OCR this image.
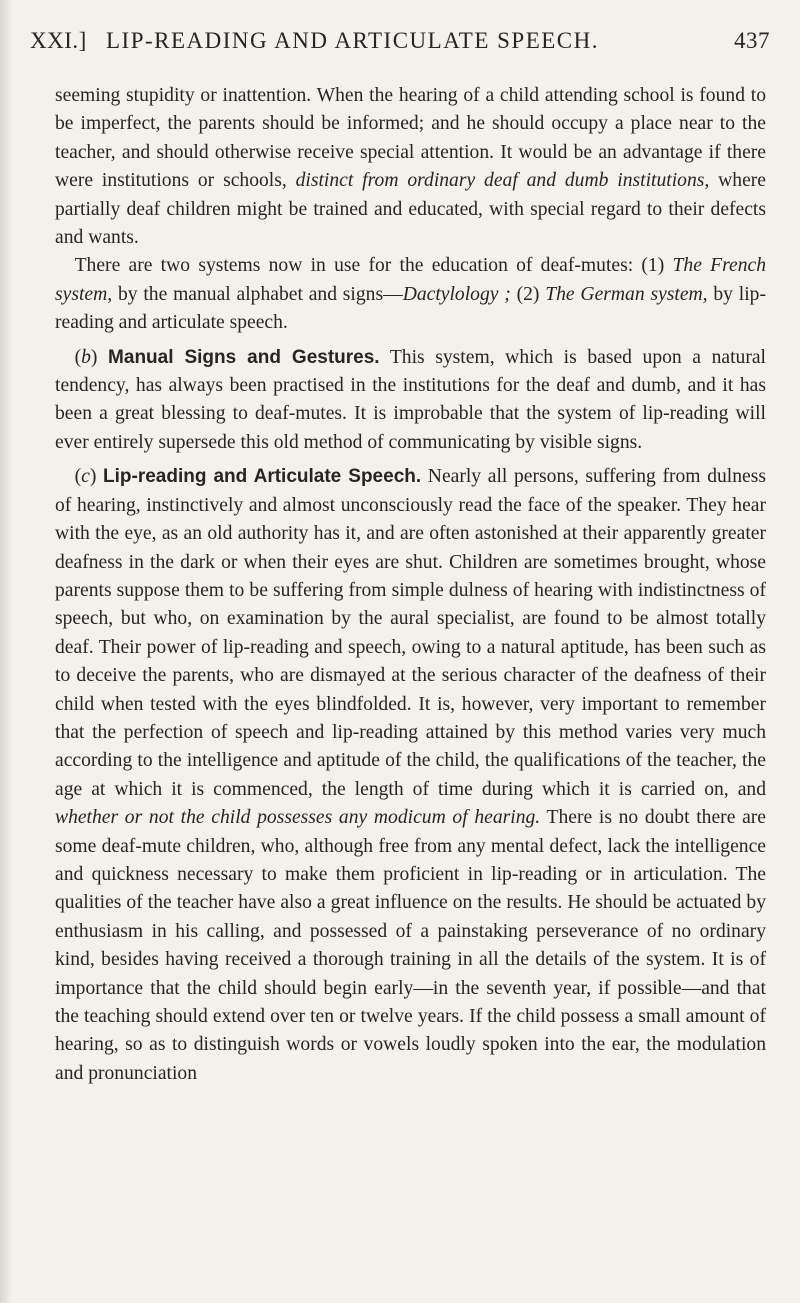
XXI.] LIP-READING AND ARTICULATE SPEECH.	437

seeming stupidity or inattention. When the hearing of a child attending school is found to be imperfect, the parents should be informed; and he should occupy a place near to the teacher, and should otherwise receive special attention. It would be an advantage if there were institutions or schools, distinct from ordinary deaf and dumb institutions, where partially deaf children might be trained and educated, with special regard to their defects and wants.

 There are two systems now in use for the education of deaf-mutes: (1) The French system, by the manual alphabet and signs—Dactylology ; (2) The German system, by lip-reading and articulate speech.

 (b) Manual Signs and Gestures. This system, which is based upon a natural tendency, has always been practised in the institutions for the deaf and dumb, and it has been a great blessing to deaf-mutes. It is improbable that the system of lip-reading will ever entirely supersede this old method of communicating by visible signs.

 (c) Lip-reading and Articulate Speech. Nearly all persons, suffering from dulness of hearing, instinctively and almost unconsciously read the face of the speaker. They hear with the eye, as an old authority has it, and are often astonished at their apparently greater deafness in the dark or when their eyes are shut. Children are sometimes brought, whose parents suppose them to be suffering from simple dulness of hearing with indistinctness of speech, but who, on examination by the aural specialist, are found to be almost totally deaf. Their power of lip-reading and speech, owing to a natural aptitude, has been such as to deceive the parents, who are dismayed at the serious character of the deafness of their child when tested with the eyes blindfolded. It is, however, very important to remember that the perfection of speech and lip-reading attained by this method varies very much according to the intelligence and aptitude of the child, the qualifications of the teacher, the age at which it is commenced, the length of time during which it is carried on, and whether or not the child possesses any modicum of hearing. There is no doubt there are some deaf-mute children, who, although free from any mental defect, lack the intelligence and quickness necessary to make them proficient in lip-reading or in articulation. The qualities of the teacher have also a great influence on the results. He should be actuated by enthusiasm in his calling, and possessed of a painstaking perseverance of no ordinary kind, besides having received a thorough training in all the details of the system. It is of importance that the child should begin early—in the seventh year, if possible—and that the teaching should extend over ten or twelve years. If the child possess a small amount of hearing, so as to distinguish words or vowels loudly spoken into the ear, the modulation and pronunciation
